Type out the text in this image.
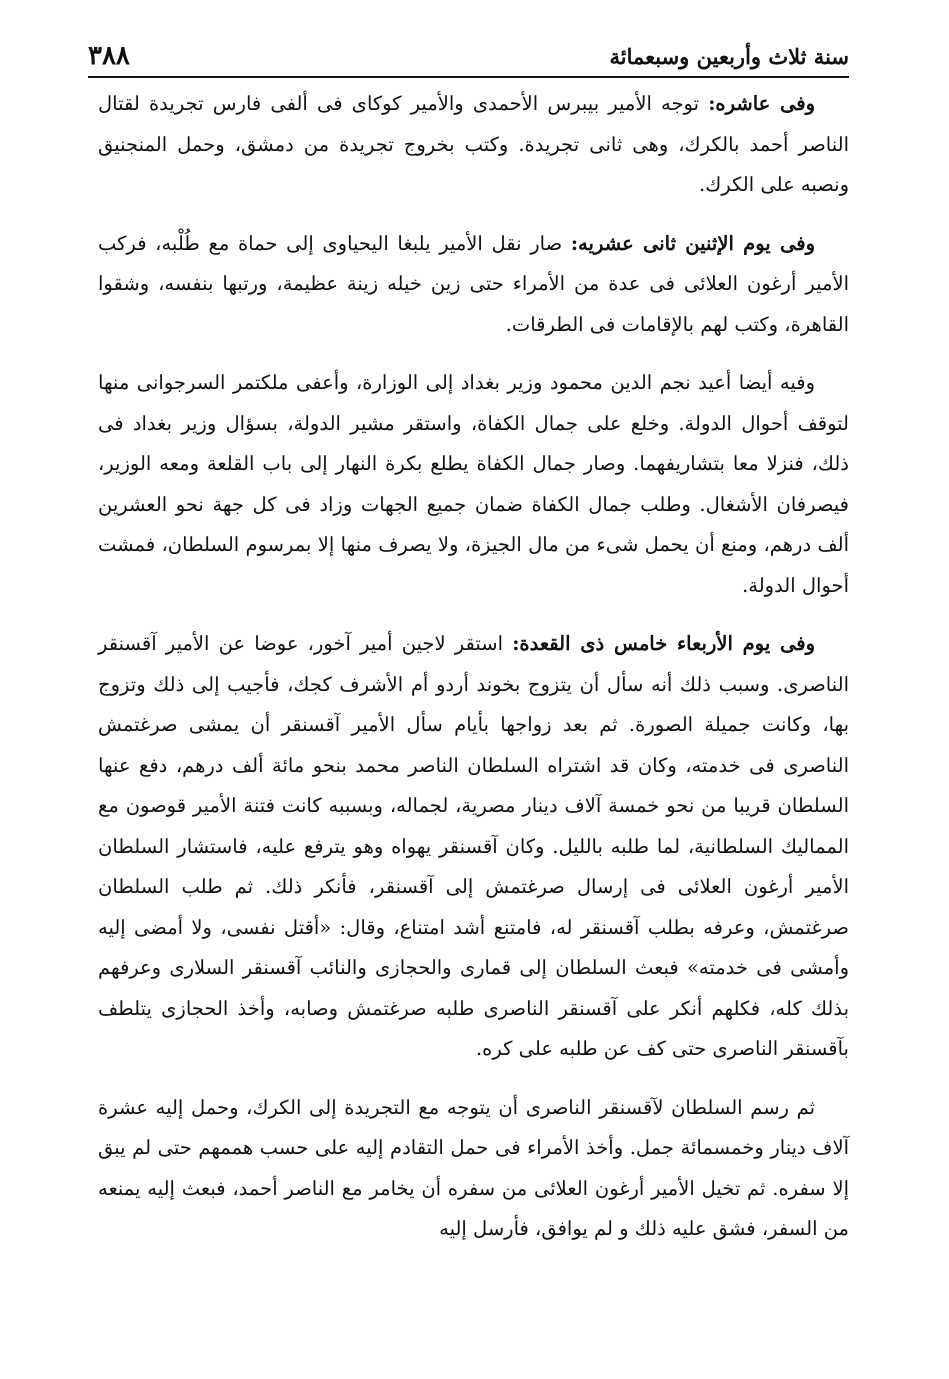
٣٨٨	سنة ثلاث وأربعين وسبعمائة

وفى عاشره: توجه الأمير بيبرس الأحمدى والأمير كوكاى فى ألفى فارس تجريدة لقتال الناصر أحمد بالكرك، وهى ثانى تجريدة. وكتب بخروج تجريدة من دمشق، وحمل المنجنيق ونصبه على الكرك.

وفى يوم الإثنين ثانى عشريه: صار نقل الأمير يلبغا اليحياوى إلى حماة مع طُلْبه، فركب الأمير أرغون العلائى فى عدة من الأمراء حتى زين خيله زينة عظيمة، ورتبها بنفسه، وشقوا القاهرة، وكتب لهم بالإقامات فى الطرقات.

وفيه أيضا أعيد نجم الدين محمود وزير بغداد إلى الوزارة، وأعفى ملكتمر السرجوانى منها لتوقف أحوال الدولة. وخلع على جمال الكفاة، واستقر مشير الدولة، بسؤال وزير بغداد فى ذلك، فنزلا معا بتشاريفهما. وصار جمال الكفاة يطلع بكرة النهار إلى باب القلعة ومعه الوزير، فيصرفان الأشغال. وطلب جمال الكفاة ضمان جميع الجهات وزاد فى كل جهة نحو العشرين ألف درهم، ومنع أن يحمل شىء من مال الجيزة، ولا يصرف منها إلا بمرسوم السلطان، فمشت أحوال الدولة.

وفى يوم الأربعاء خامس ذى القعدة: استقر لاجين أمير آخور، عوضا عن الأمير آقسنقر الناصرى. وسبب ذلك أنه سأل أن يتزوج بخوند أردو أم الأشرف كجك، فأجيب إلى ذلك وتزوج بها، وكانت جميلة الصورة. ثم بعد زواجها بأيام سأل الأمير آقسنقر أن يمشى صرغتمش الناصرى فى خدمته، وكان قد اشتراه السلطان الناصر محمد بنحو مائة ألف درهم، دفع عنها السلطان قريبا من نحو خمسة آلاف دينار مصرية، لجماله، وبسببه كانت فتنة الأمير قوصون مع المماليك السلطانية، لما طلبه بالليل. وكان آقسنقر يهواه وهو يترفع عليه، فاستشار السلطان الأمير أرغون العلائى فى إرسال صرغتمش إلى آقسنقر، فأنكر ذلك. ثم طلب السلطان صرغتمش، وعرفه بطلب آقسنقر له، فامتنع أشد امتناع، وقال: «أقتل نفسى، ولا أمضى إليه وأمشى فى خدمته» فبعث السلطان إلى قمارى والحجازى والنائب آقسنقر السلارى وعرفهم بذلك كله، فكلهم أنكر على آقسنقر الناصرى طلبه صرغتمش وصابه، وأخذ الحجازى يتلطف بآقسنقر الناصرى حتى كف عن طلبه على كره.

ثم رسم السلطان لآقسنقر الناصرى أن يتوجه مع التجريدة إلى الكرك، وحمل إليه عشرة آلاف دينار وخمسمائة جمل. وأخذ الأمراء فى حمل التقادم إليه على حسب هممهم حتى لم يبق إلا سفره. ثم تخيل الأمير أرغون العلائى من سفره أن يخامر مع الناصر أحمد، فبعث إليه يمنعه من السفر، فشق عليه ذلك و لم يوافق، فأرسل إليه
